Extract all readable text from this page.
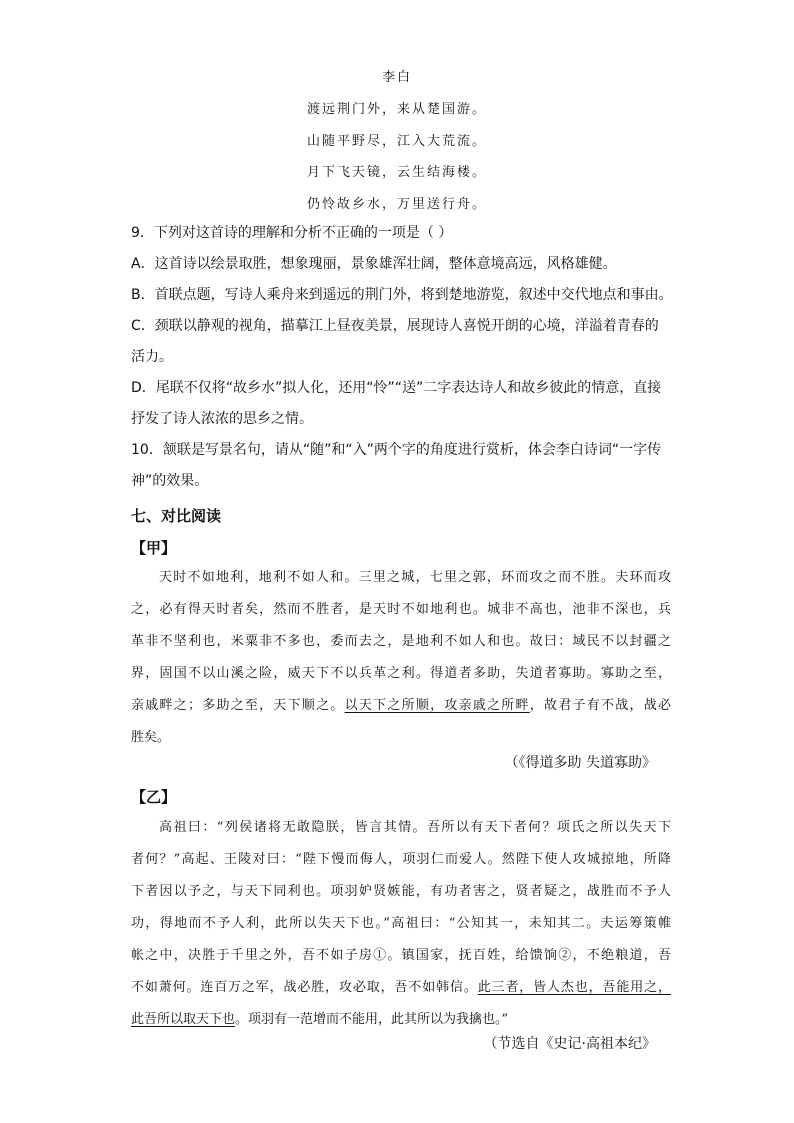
李白
渡远荆门外，来从楚国游。
山随平野尽，江入大荒流。
月下飞天镜，云生结海楼。
仍怜故乡水，万里送行舟。
9．下列对这首诗的理解和分析不正确的一项是（ ）
A．这首诗以绘景取胜，想象瑰丽，景象雄浑壮阔，整体意境高远，风格雄健。
B．首联点题，写诗人乘舟来到遥远的荆门外，将到楚地游览，叙述中交代地点和事由。
C．颈联以静观的视角，描摹江上昼夜美景，展现诗人喜悦开朗的心境，洋溢着青春的
活力。
D．尾联不仅将“故乡水”拟人化，还用“怜”“送”二字表达诗人和故乡彼此的情意，直接
抒发了诗人浓浓的思乡之情。
10．颔联是写景名句，请从“随”和“入”两个字的角度进行赏析，体会李白诗词“一字传
神”的效果。
七、对比阅读
【甲】
天时不如地利，地利不如人和。三里之城，七里之郭，环而攻之而不胜。夫环而攻
之，必有得天时者矣，然而不胜者，是天时不如地利也。城非不高也，池非不深也，兵
革非不坚利也，米粟非不多也，委而去之，是地利不如人和也。故曰：域民不以封疆之
界，固国不以山溪之险，威天下不以兵革之利。得道者多助，失道者寡助。寡助之至，
亲戚畔之；多助之至，天下顺之。以天下之所顺，攻亲戚之所畔，故君子有不战，战必
胜矣。
（《得道多助 失道寡助》
【乙】
高祖曰：“列侯诸将无敢隐朕，皆言其情。吾所以有天下者何？项氏之所以失天下
者何？”高起、王陵对曰：“陛下慢而侮人，项羽仁而爱人。然陛下使人攻城掠地，所降
下者因以予之，与天下同利也。项羽妒贤嫉能，有功者害之，贤者疑之，战胜而不予人
功，得地而不予人利，此所以失天下也。”高祖曰：“公知其一，未知其二。夫运筹策帷
帐之中，决胜于千里之外，吾不如子房①。镇国家，抚百姓，给馈饷②，不绝粮道，吾
不如萧何。连百万之军，战必胜，攻必取，吾不如韩信。此三者，皆人杰也，吾能用之，
此吾所以取天下也。项羽有一范增而不能用，此其所以为我擒也。”
（节选自《史记·高祖本纪》
